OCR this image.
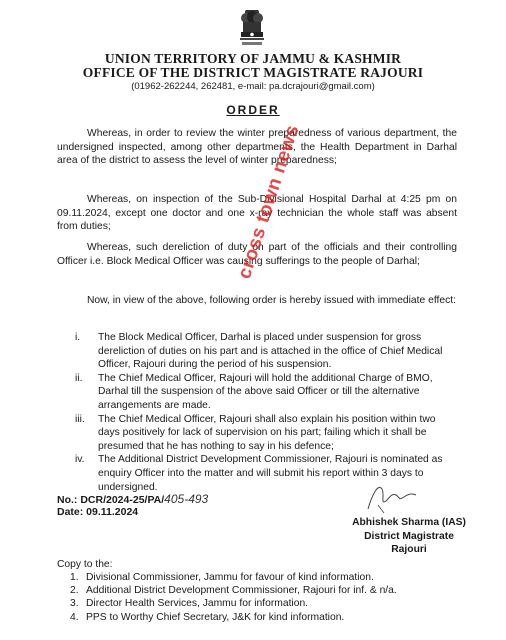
UNION TERRITORY OF JAMMU & KASHMIR
OFFICE OF THE DISTRICT MAGISTRATE RAJOURI
(01962-262244, 262481, e-mail: pa.dcrajouri@gmail.com)
ORDER

Whereas, in order to review the winter preparedness of various department, the undersigned inspected, among other departments, the Health Department in Darhal area of the district to assess the level of winter preparedness;

Whereas, on inspection of the Sub-Divisional Hospital Darhal at 4:25 pm on 09.11.2024, except one doctor and one x-ray technician the whole staff was absent from duties;

Whereas, such dereliction of duty on part of the officials and their controlling Officer i.e. Block Medical Officer was causing sufferings to the people of Darhal;

Now, in view of the above, following order is hereby issued with immediate effect:

i. The Block Medical Officer, Darhal is placed under suspension for gross dereliction of duties on his part and is attached in the office of Chief Medical Officer, Rajouri during the period of his suspension.
ii. The Chief Medical Officer, Rajouri will hold the additional Charge of BMO, Darhal till the suspension of the above said Officer or till the alternative arrangements are made.
iii. The Chief Medical Officer, Rajouri shall also explain his position within two days positively for lack of supervision on his part; failing which it shall be presumed that he has nothing to say in his defence;
iv. The Additional District Development Commissioner, Rajouri is nominated as enquiry Officer into the matter and will submit his report within 3 days to undersigned.
No.: DCR/2024-25/PA/405-493
Date: 09.11.2024
Abhishek Sharma (IAS)
District Magistrate
Rajouri
Copy to the:
1. Divisional Commissioner, Jammu for favour of kind information.
2. Additional District Development Commissioner, Rajouri for inf. & n/a.
3. Director Health Services, Jammu for information.
4. PPS to Worthy Chief Secretary, J&K for kind information.
cross town news
